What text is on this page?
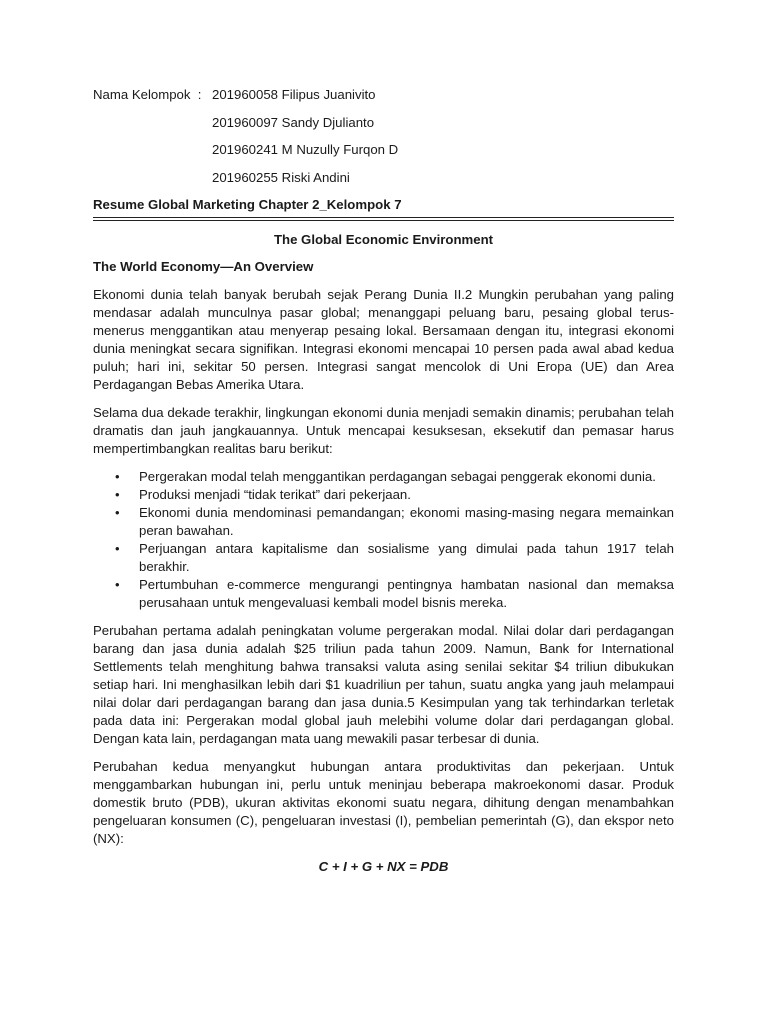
Nama Kelompok  : 201960058 Filipus Juanivito
201960097 Sandy Djulianto
201960241 M Nuzully Furqon D
201960255 Riski Andini
Resume Global Marketing Chapter 2_Kelompok 7
The Global Economic Environment
The World Economy—An Overview

Ekonomi dunia telah banyak berubah sejak Perang Dunia II.2 Mungkin perubahan yang paling mendasar adalah munculnya pasar global; menanggapi peluang baru, pesaing global terus-menerus menggantikan atau menyerap pesaing lokal. Bersamaan dengan itu, integrasi ekonomi dunia meningkat secara signifikan. Integrasi ekonomi mencapai 10 persen pada awal abad kedua puluh; hari ini, sekitar 50 persen. Integrasi sangat mencolok di Uni Eropa (UE) dan Area Perdagangan Bebas Amerika Utara.

Selama dua dekade terakhir, lingkungan ekonomi dunia menjadi semakin dinamis; perubahan telah dramatis dan jauh jangkauannya. Untuk mencapai kesuksesan, eksekutif dan pemasar harus mempertimbangkan realitas baru berikut:

• Pergerakan modal telah menggantikan perdagangan sebagai penggerak ekonomi dunia.
• Produksi menjadi “tidak terikat” dari pekerjaan.
• Ekonomi dunia mendominasi pemandangan; ekonomi masing-masing negara memainkan peran bawahan.
• Perjuangan antara kapitalisme dan sosialisme yang dimulai pada tahun 1917 telah berakhir.
• Pertumbuhan e-commerce mengurangi pentingnya hambatan nasional dan memaksa perusahaan untuk mengevaluasi kembali model bisnis mereka.

Perubahan pertama adalah peningkatan volume pergerakan modal. Nilai dolar dari perdagangan barang dan jasa dunia adalah $25 triliun pada tahun 2009. Namun, Bank for International Settlements telah menghitung bahwa transaksi valuta asing senilai sekitar $4 triliun dibukukan setiap hari. Ini menghasilkan lebih dari $1 kuadriliun per tahun, suatu angka yang jauh melampaui nilai dolar dari perdagangan barang dan jasa dunia.5 Kesimpulan yang tak terhindarkan terletak pada data ini: Pergerakan modal global jauh melebihi volume dolar dari perdagangan global. Dengan kata lain, perdagangan mata uang mewakili pasar terbesar di dunia.

Perubahan kedua menyangkut hubungan antara produktivitas dan pekerjaan. Untuk menggambarkan hubungan ini, perlu untuk meninjau beberapa makroekonomi dasar. Produk domestik bruto (PDB), ukuran aktivitas ekonomi suatu negara, dihitung dengan menambahkan pengeluaran konsumen (C), pengeluaran investasi (I), pembelian pemerintah (G), dan ekspor neto (NX):

C + I + G + NX = PDB
